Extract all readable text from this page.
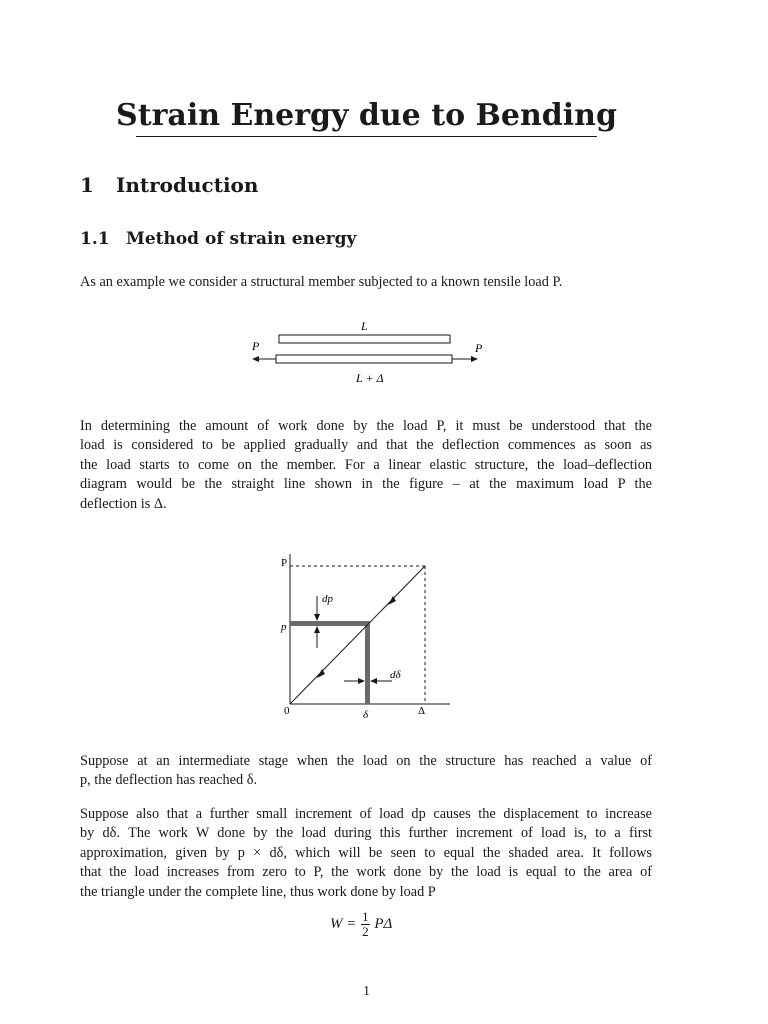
Strain Energy due to Bending
1 Introduction
1.1 Method of strain energy
As an example we consider a structural member subjected to a known tensile load P.
L
P	P
L + Δ
In determining the amount of work done by the load P, it must be understood that the
load is considered to be applied gradually and that the deflection commences as soon as
the load starts to come on the member. For a linear elastic structure, the load–deflection
diagram would be the straight line shown in the figure – at the maximum load P the
deflection is Δ.
P
p
dp
dδ
0	δ	Δ
Suppose at an intermediate stage when the load on the structure has reached a value of
p, the deflection has reached δ.
Suppose also that a further small increment of load dp causes the displacement to increase
by dδ. The work W done by the load during this further increment of load is, to a first
approximation, given by p × dδ, which will be seen to equal the shaded area. It follows
that the load increases from zero to P, the work done by the load is equal to the area of
the triangle under the complete line, thus work done by load P
$W = \frac{1}{2}$ PΔ
1
